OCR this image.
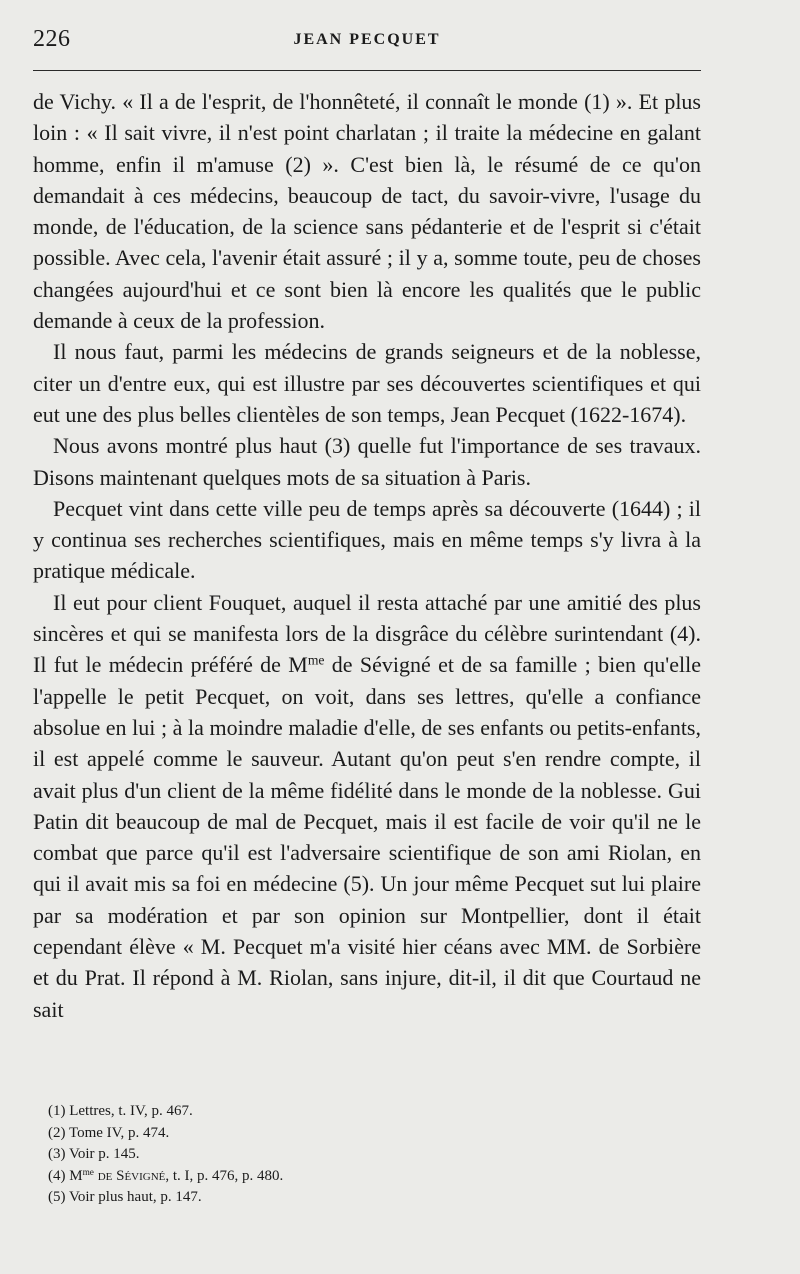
226	JEAN PECQUET

de Vichy. « Il a de l'esprit, de l'honnêteté, il connaît le monde (1) ». Et plus loin : « Il sait vivre, il n'est point charlatan ; il traite la médecine en galant homme, enfin il m'amuse (2) ». C'est bien là, le résumé de ce qu'on demandait à ces médecins, beaucoup de tact, du savoir-vivre, l'usage du monde, de l'éducation, de la science sans pédanterie et de l'esprit si c'était possible. Avec cela, l'avenir était assuré ; il y a, somme toute, peu de choses changées aujourd'hui et ce sont bien là encore les qualités que le public demande à ceux de la profession.

Il nous faut, parmi les médecins de grands seigneurs et de la noblesse, citer un d'entre eux, qui est illustre par ses découvertes scientifiques et qui eut une des plus belles clientèles de son temps, Jean Pecquet (1622-1674).

Nous avons montré plus haut (3) quelle fut l'importance de ses travaux. Disons maintenant quelques mots de sa situation à Paris.

Pecquet vint dans cette ville peu de temps après sa découverte (1644) ; il y continua ses recherches scientifiques, mais en même temps s'y livra à la pratique médicale.

Il eut pour client Fouquet, auquel il resta attaché par une amitié des plus sincères et qui se manifesta lors de la disgrâce du célèbre surintendant (4). Il fut le médecin préféré de $M^{me}$ de Sévigné et de sa famille ; bien qu'elle l'appelle le petit Pecquet, on voit, dans ses lettres, qu'elle a confiance absolue en lui ; à la moindre maladie d'elle, de ses enfants ou petits-enfants, il est appelé comme le sauveur. Autant qu'on peut s'en rendre compte, il avait plus d'un client de la même fidélité dans le monde de la noblesse. Gui Patin dit beaucoup de mal de Pecquet, mais il est facile de voir qu'il ne le combat que parce qu'il est l'adversaire scientifique de son ami Riolan, en qui il avait mis sa foi en médecine (5). Un jour même Pecquet sut lui plaire par sa modération et par son opinion sur Montpellier, dont il était cependant élève « M. Pecquet m'a visité hier céans avec MM. de Sorbière et du Prat. Il répond à M. Riolan, sans injure, dit-il, il dit que Courtaud ne sait

(1) Lettres, t. IV, p. 467.
(2) Tome IV, p. 474.
(3) Voir p. 145.
(4) $M^{me}$ de Sévigné, t. I, p. 476, p. 480.
(5) Voir plus haut, p. 147.
